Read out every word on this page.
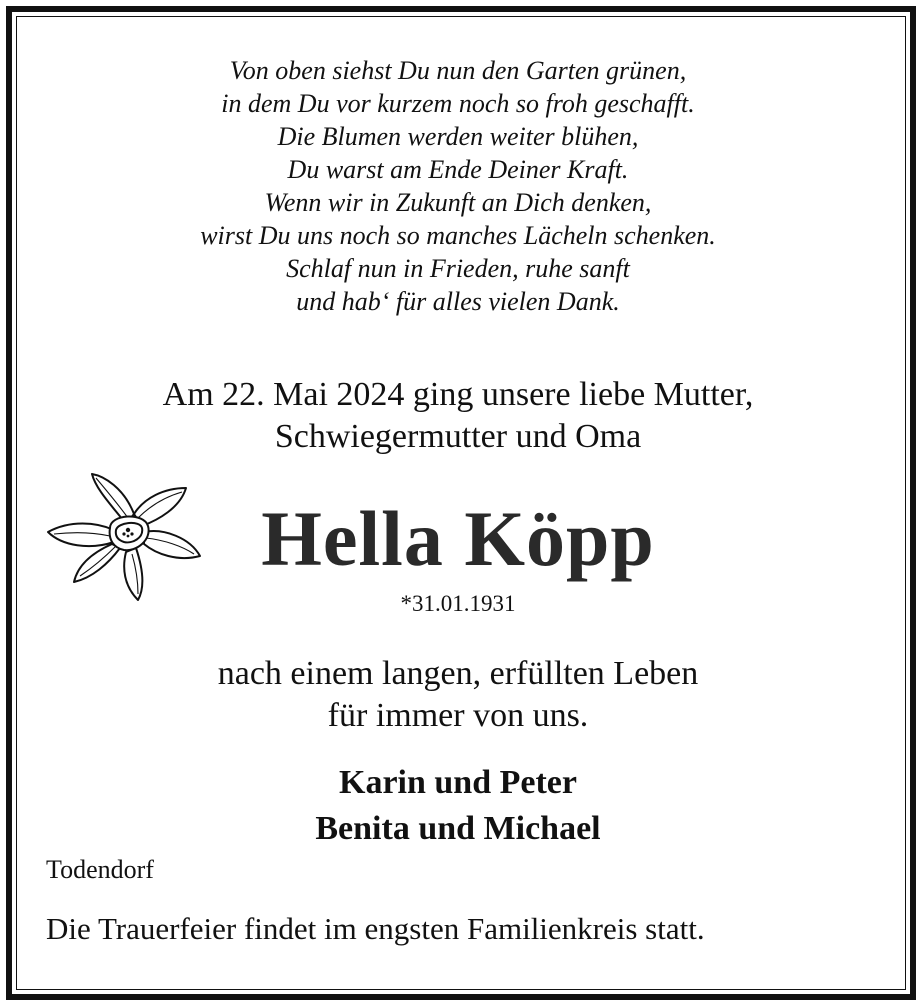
Von oben siehst Du nun den Garten grünen,
in dem Du vor kurzem noch so froh geschafft.
Die Blumen werden weiter blühen,
Du warst am Ende Deiner Kraft.
Wenn wir in Zukunft an Dich denken,
wirst Du uns noch so manches Lächeln schenken.
Schlaf nun in Frieden, ruhe sanft
und hab‘ für alles vielen Dank.
Am 22. Mai 2024 ging unsere liebe Mutter,
Schwiegermutter und Oma
Hella Köpp
*31.01.1931
nach einem langen, erfüllten Leben
für immer von uns.
Karin und Peter
Benita und Michael
Todendorf
Die Trauerfeier findet im engsten Familienkreis statt.
